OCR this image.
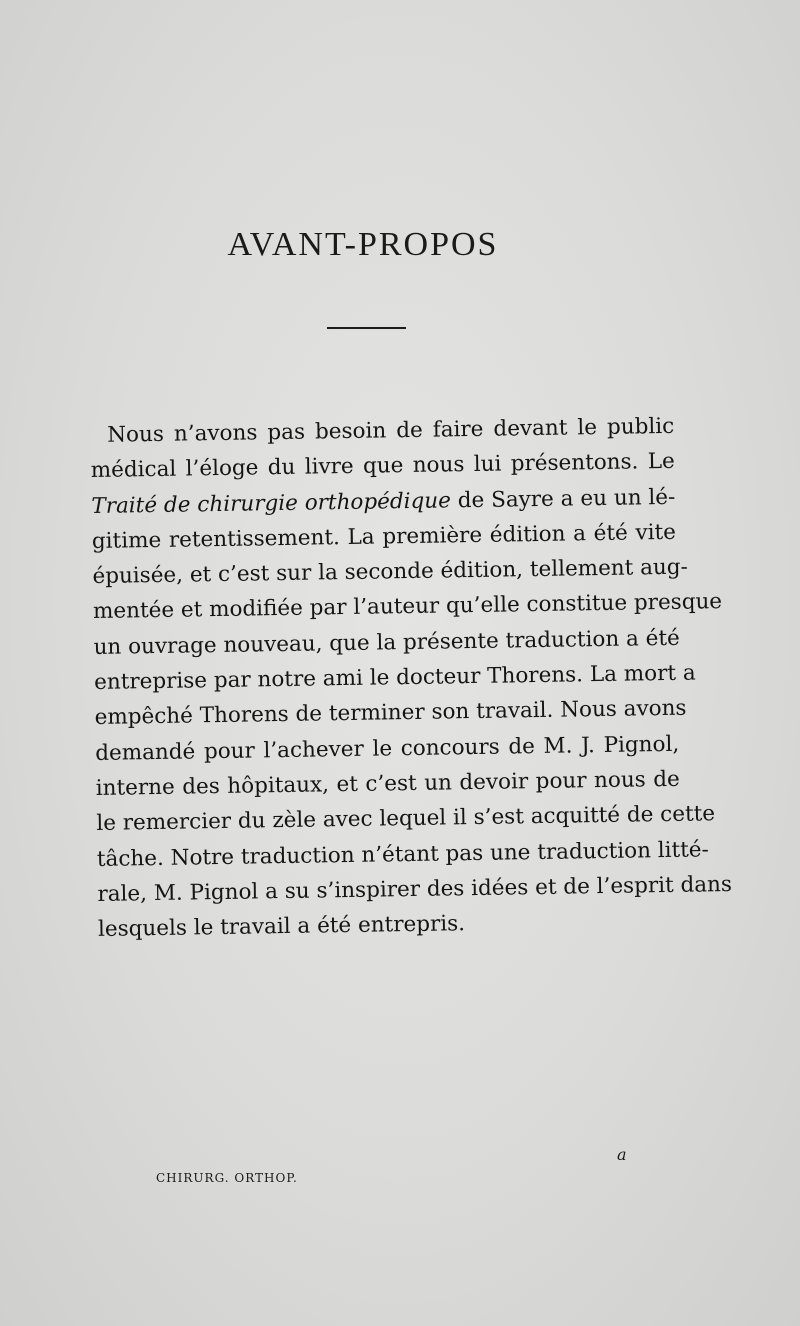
AVANT-PROPOS
Nous n’avons pas besoin de faire devant le public
médical l’éloge du livre que nous lui présentons. Le
Traité de chirurgie orthopédique de Sayre a eu un lé-
gitime retentissement. La première édition a été vite
épuisée, et c’est sur la seconde édition, tellement aug-
mentée et modifiée par l’auteur qu’elle constitue presque
un ouvrage nouveau, que la présente traduction a été
entreprise par notre ami le docteur Thorens. La mort a
empêché Thorens de terminer son travail. Nous avons
demandé pour l’achever le concours de M. J. Pignol,
interne des hôpitaux, et c’est un devoir pour nous de
le remercier du zèle avec lequel il s’est acquitté de cette
tâche. Notre traduction n’étant pas une traduction litté-
rale, M. Pignol a su s’inspirer des idées et de l’esprit dans
lesquels le travail a été entrepris.
a
CHIRURG. ORTHOP.
